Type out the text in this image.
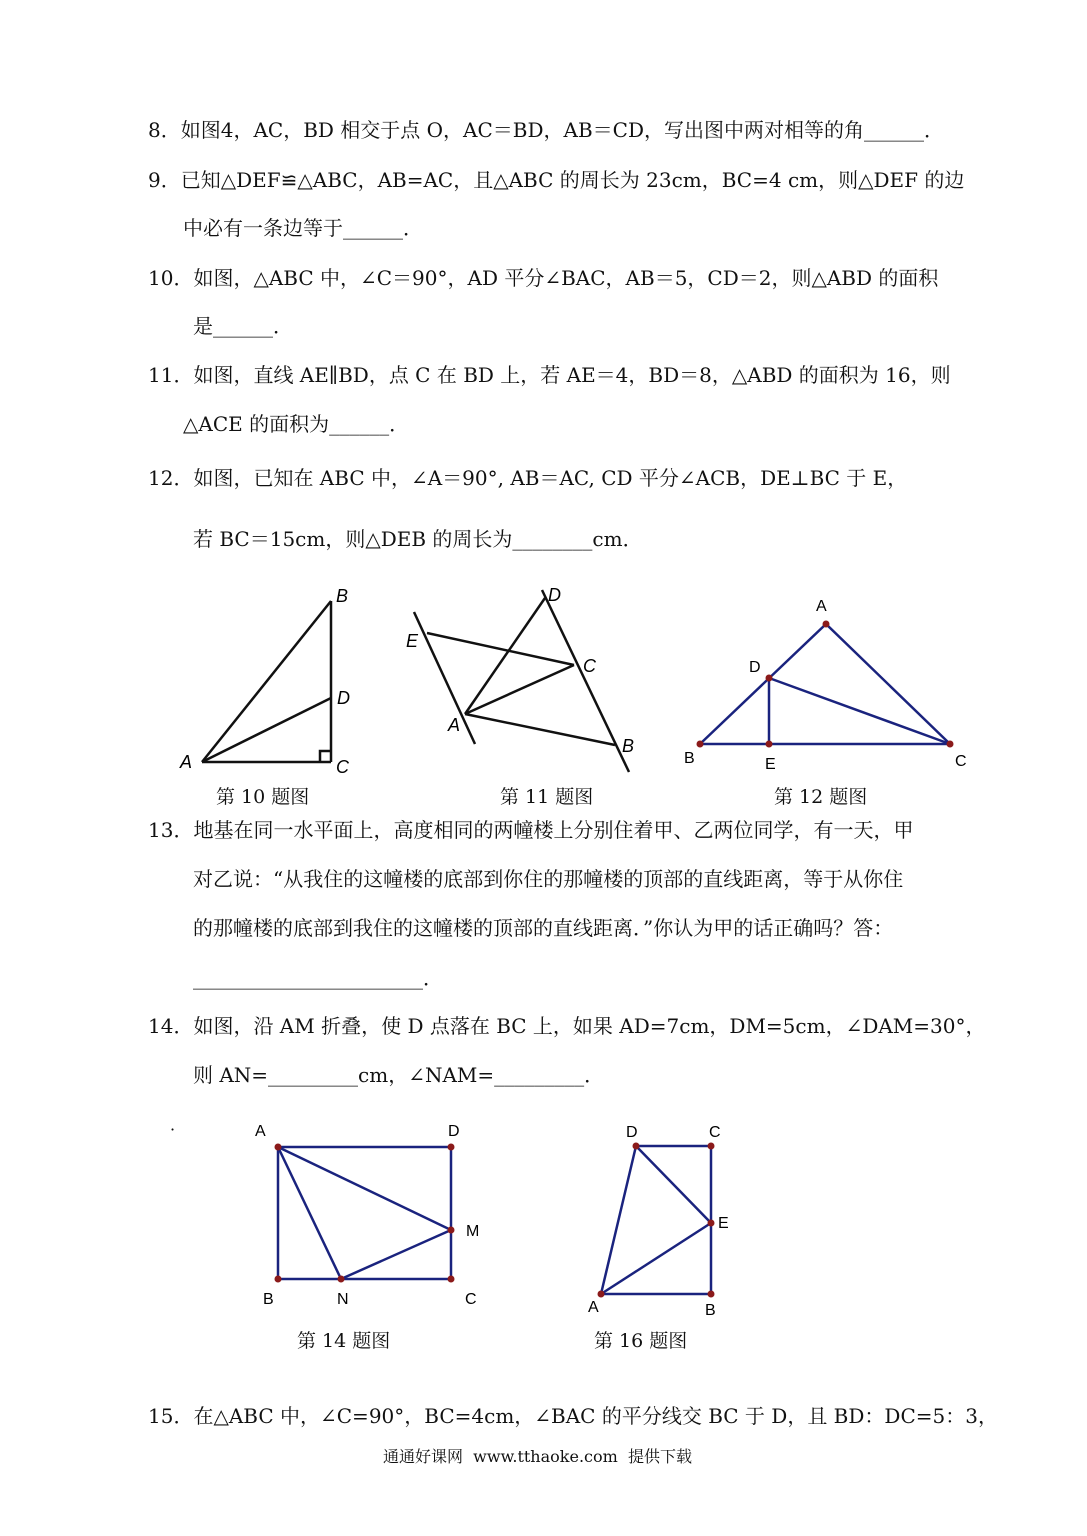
8．如图4，AC，BD 相交于点 O，AC＝BD，AB＝CD，写出图中两对相等的角______．
9．已知△DEF≌△ABC，AB=AC，且△ABC 的周长为 23cm，BC=4 cm，则△DEF 的边
中必有一条边等于______．
10．如图，△ABC 中，∠C＝90°，AD 平分∠BAC，AB＝5，CD＝2，则△ABD 的面积
是______．
11．如图，直线 AE∥BD，点 C 在 BD 上，若 AE＝4，BD＝8，△ABD 的面积为 16，则
△ACE 的面积为______．
12．如图，已知在 ABC 中，∠A＝90°, AB＝AC, CD 平分∠ACB，DE⊥BC 于 E，
若 BC＝15cm，则△DEB 的周长为________cm．
A
B
C
D
第 10 题图
A
B
C
D
E
第 11 题图
A
B	C
D
E
第 12 题图
13．地基在同一水平面上，高度相同的两幢楼上分别住着甲、乙两位同学，有一天，甲
对乙说：“从我住的这幢楼的底部到你住的那幢楼的顶部的直线距离，等于从你住
的那幢楼的底部到我住的这幢楼的顶部的直线距离．”你认为甲的话正确吗？答：
_______________________．
14．如图，沿 AM 折叠，使 D 点落在 BC 上，如果 AD=7cm，DM=5cm，∠DAM=30°，
则 AN=_________cm，∠NAM=_________．
·	A
B	C
D
M
N
第 14 题图
A	B
C
D
E
第 16 题图
15．在△ABC 中，∠C=90°，BC=4cm，∠BAC 的平分线交 BC 于 D，且 BD：DC=5：3，
通通好课网  www.tthaoke.com  提供下载
